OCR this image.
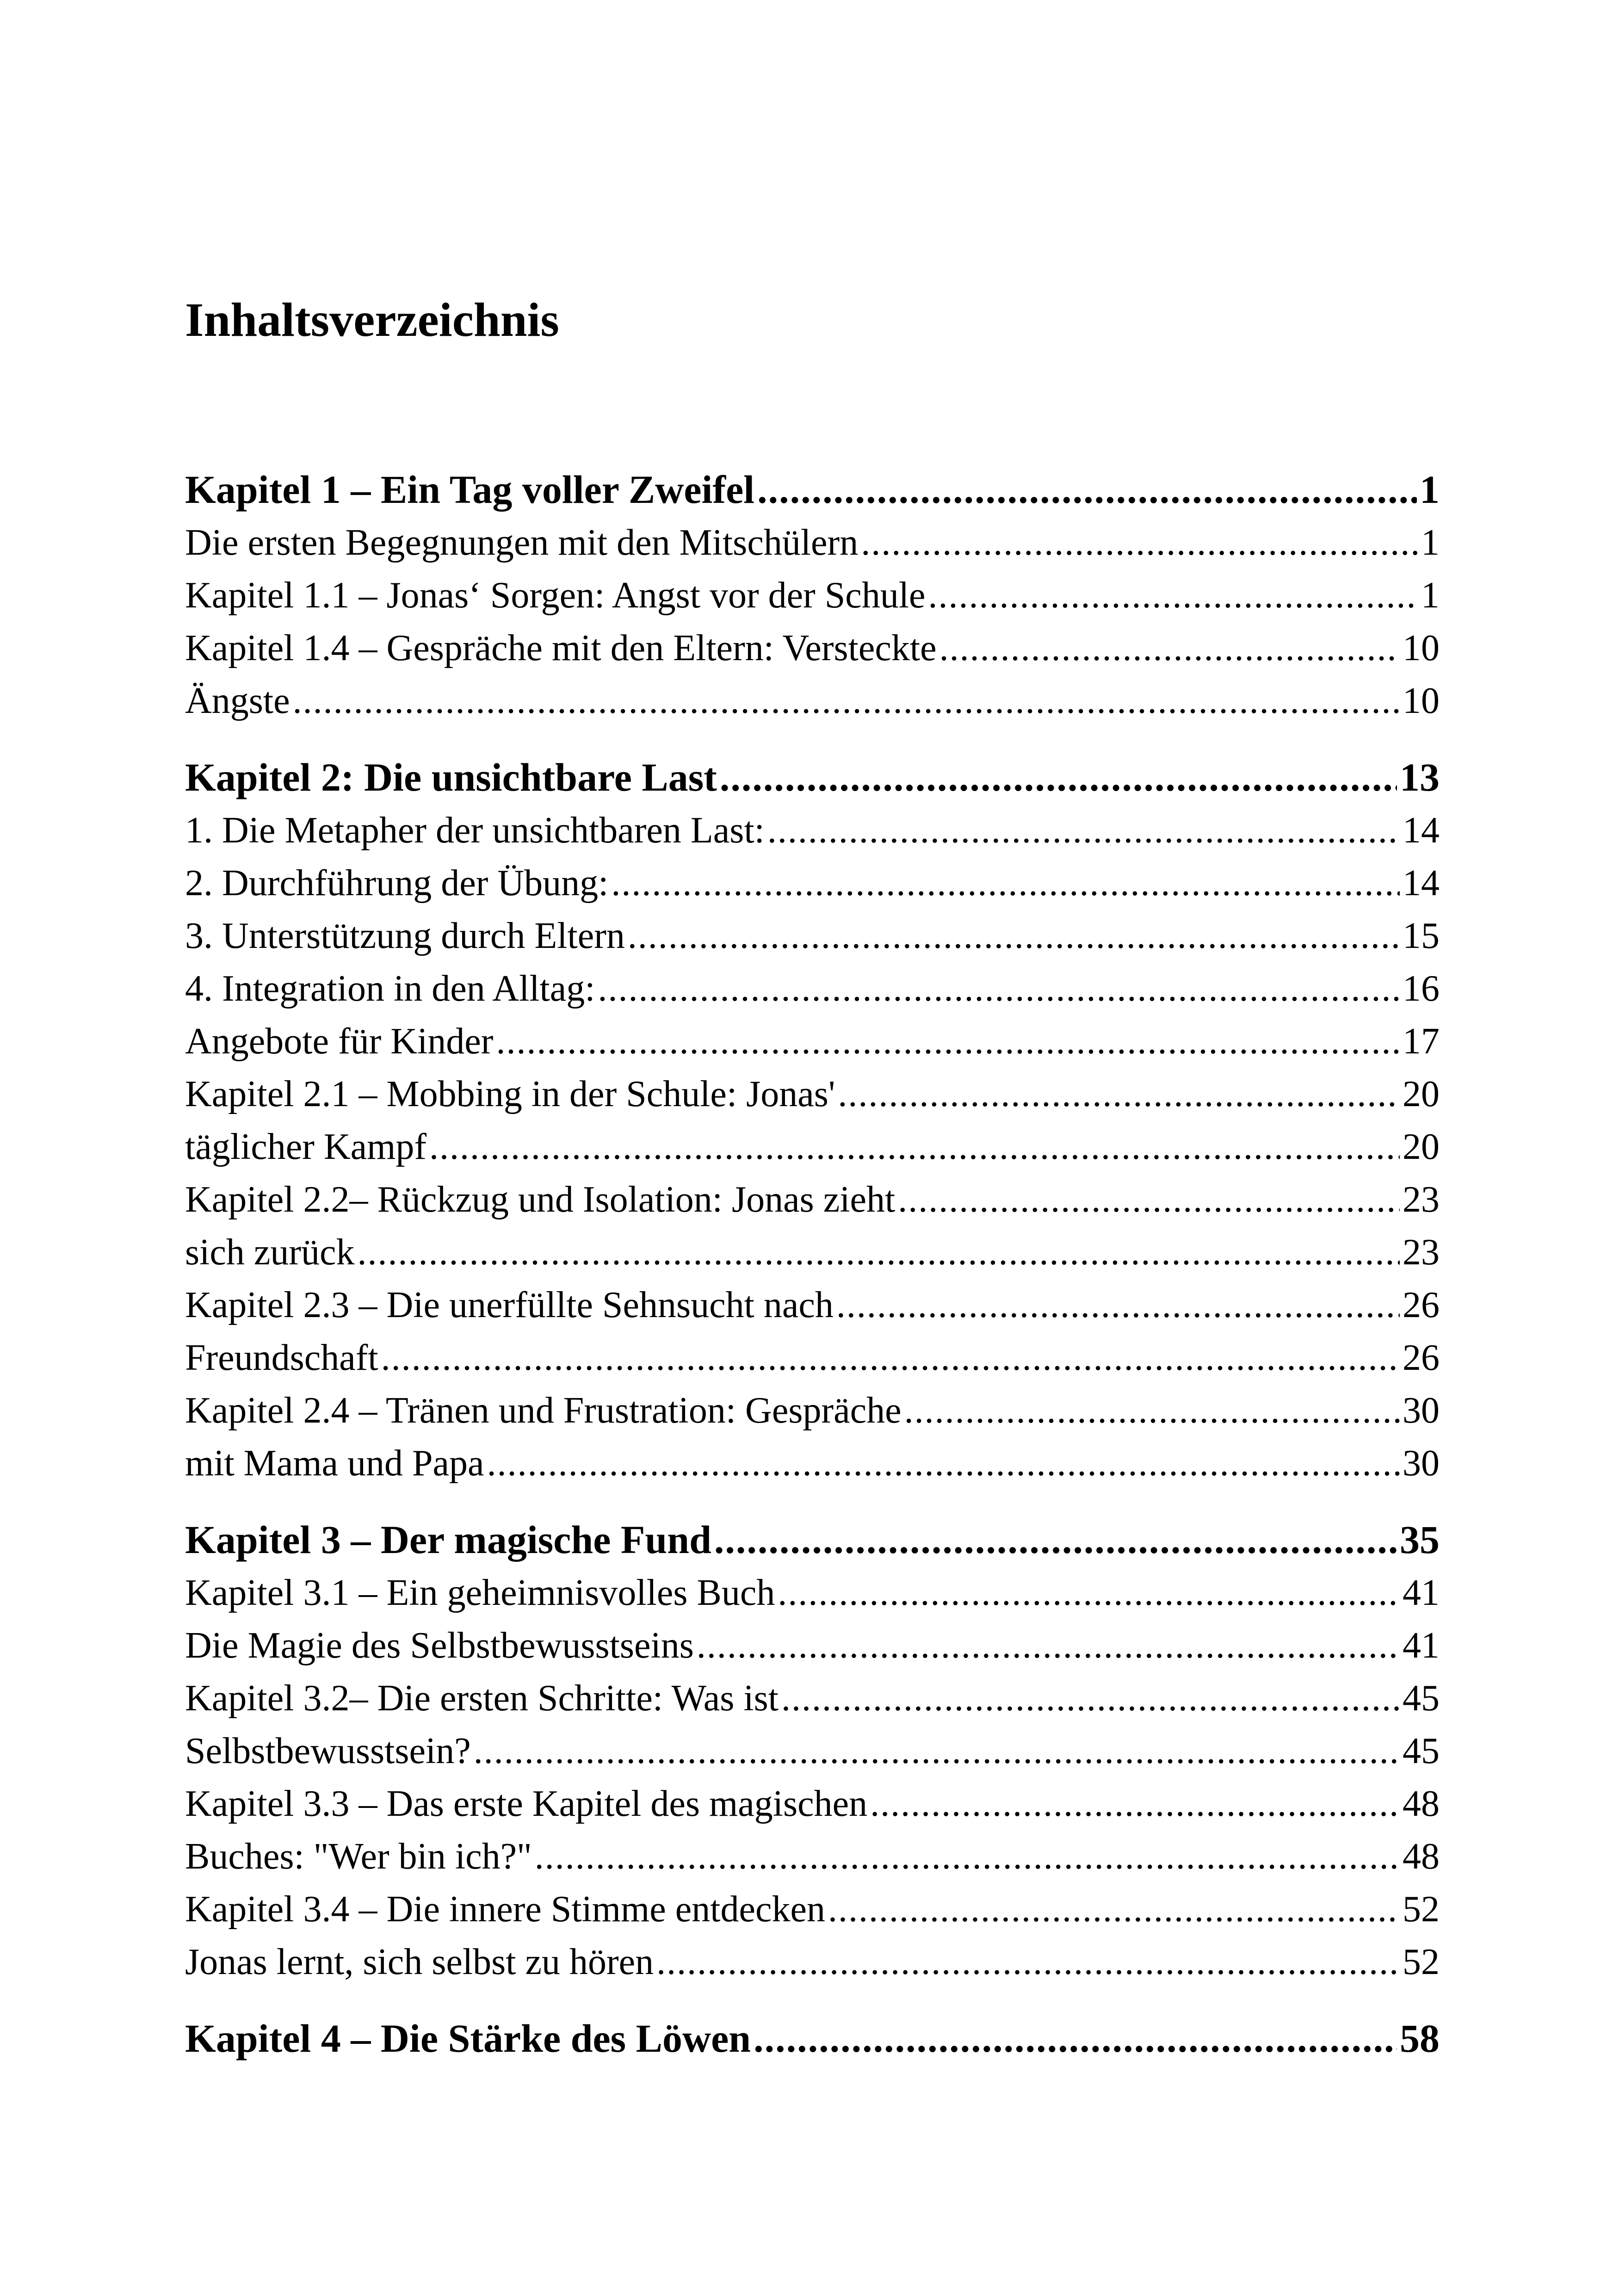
Inhaltsverzeichnis
Kapitel 1 – Ein Tag voller Zweifel .....	1
Die ersten Begegnungen mit den Mitschülern .....	1
Kapitel 1.1 – Jonas‘ Sorgen: Angst vor der Schule .....	1
Kapitel 1.4 – Gespräche mit den Eltern: Versteckte .....	10
Ängste .....	10
Kapitel 2: Die unsichtbare Last .....	13
1. Die Metapher der unsichtbaren Last: .....	14
2. Durchführung der Übung: .....	14
3. Unterstützung durch Eltern .....	15
4. Integration in den Alltag: .....	16
Angebote für Kinder .....	17
Kapitel 2.1 – Mobbing in der Schule: Jonas' .....	20
täglicher Kampf .....	20
Kapitel 2.2– Rückzug und Isolation: Jonas zieht .....	23
sich zurück .....	23
Kapitel 2.3 – Die unerfüllte Sehnsucht nach .....	26
Freundschaft .....	26
Kapitel 2.4 – Tränen und Frustration: Gespräche .....	30
mit Mama und Papa .....	30
Kapitel 3 – Der magische Fund .....	35
Kapitel 3.1 – Ein geheimnisvolles Buch .....	41
Die Magie des Selbstbewusstseins .....	41
Kapitel 3.2– Die ersten Schritte: Was ist .....	45
Selbstbewusstsein? .....	45
Kapitel 3.3 – Das erste Kapitel des magischen .....	48
Buches: "Wer bin ich?" .....	48
Kapitel 3.4 – Die innere Stimme entdecken .....	52
Jonas lernt, sich selbst zu hören .....	52
Kapitel 4 – Die Stärke des Löwen .....	58
